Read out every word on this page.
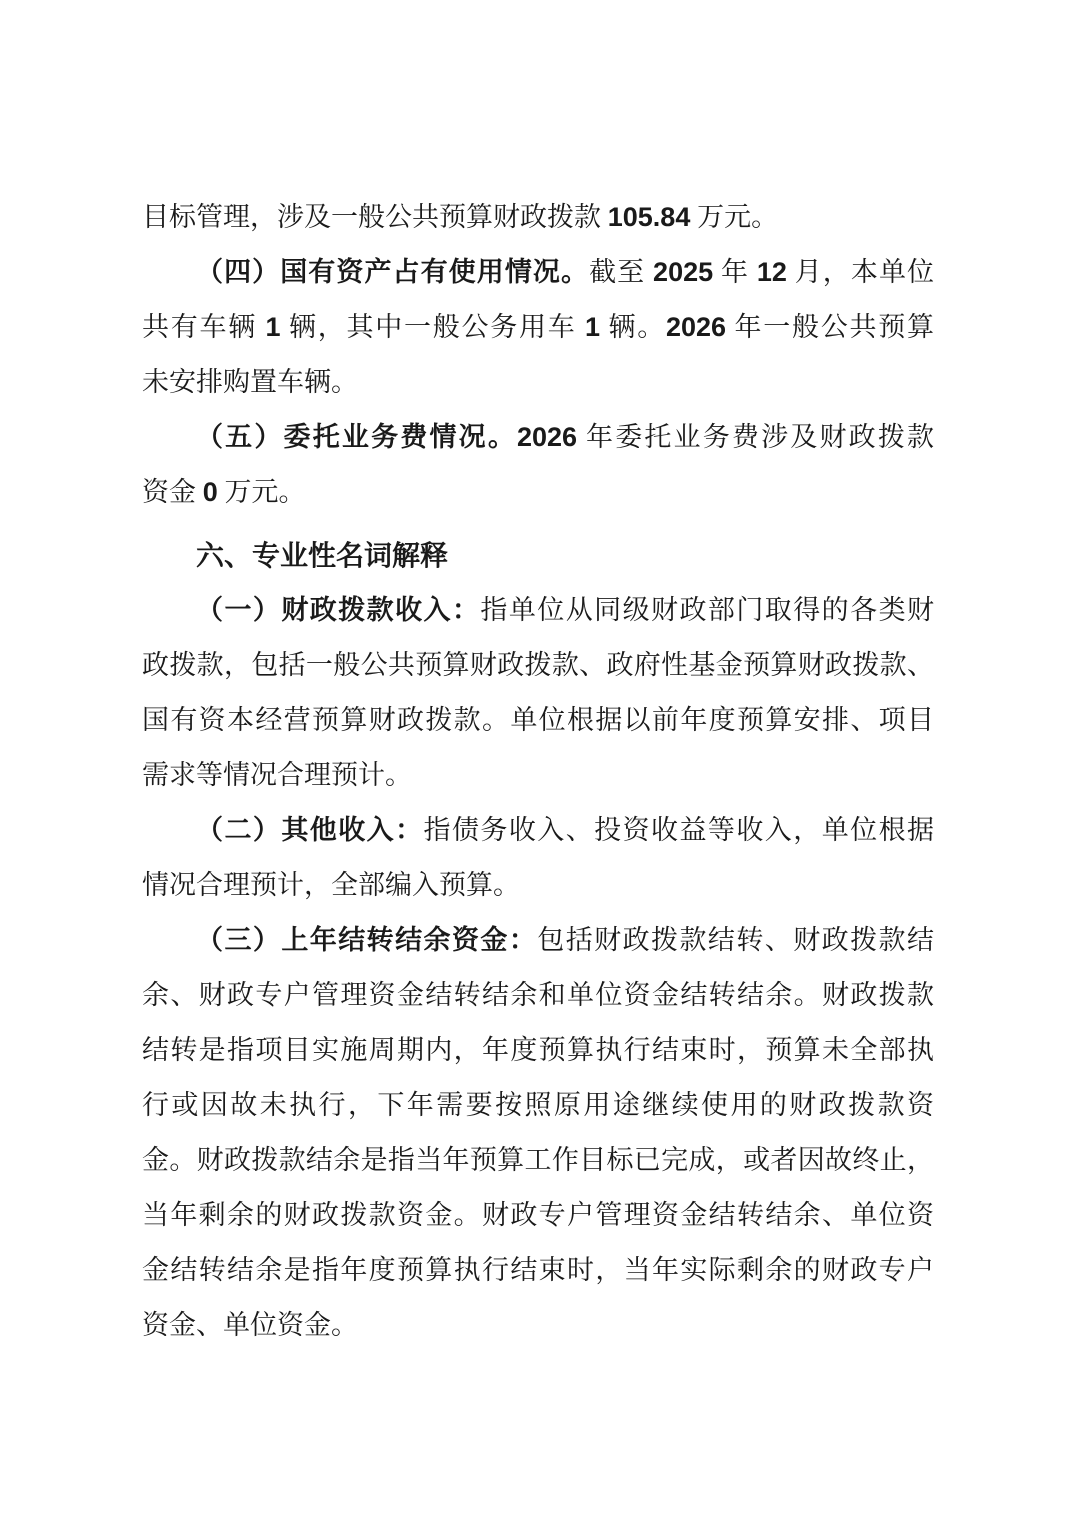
目标管理，涉及一般公共预算财政拨款 105.84 万元。
（四）国有资产占有使用情况。截至 2025 年 12 月，本单位
共有车辆 1 辆，其中一般公务用车 1 辆。2026 年一般公共预算
未安排购置车辆。
（五）委托业务费情况。2026 年委托业务费涉及财政拨款
资金 0 万元。
六、专业性名词解释
（一）财政拨款收入：指单位从同级财政部门取得的各类财
政拨款，包括一般公共预算财政拨款、政府性基金预算财政拨款、
国有资本经营预算财政拨款。单位根据以前年度预算安排、项目
需求等情况合理预计。
（二）其他收入：指债务收入、投资收益等收入，单位根据
情况合理预计，全部编入预算。
（三）上年结转结余资金：包括财政拨款结转、财政拨款结
余、财政专户管理资金结转结余和单位资金结转结余。财政拨款
结转是指项目实施周期内，年度预算执行结束时，预算未全部执
行或因故未执行，下年需要按照原用途继续使用的财政拨款资
金。财政拨款结余是指当年预算工作目标已完成，或者因故终止，
当年剩余的财政拨款资金。财政专户管理资金结转结余、单位资
金结转结余是指年度预算执行结束时，当年实际剩余的财政专户
资金、单位资金。
